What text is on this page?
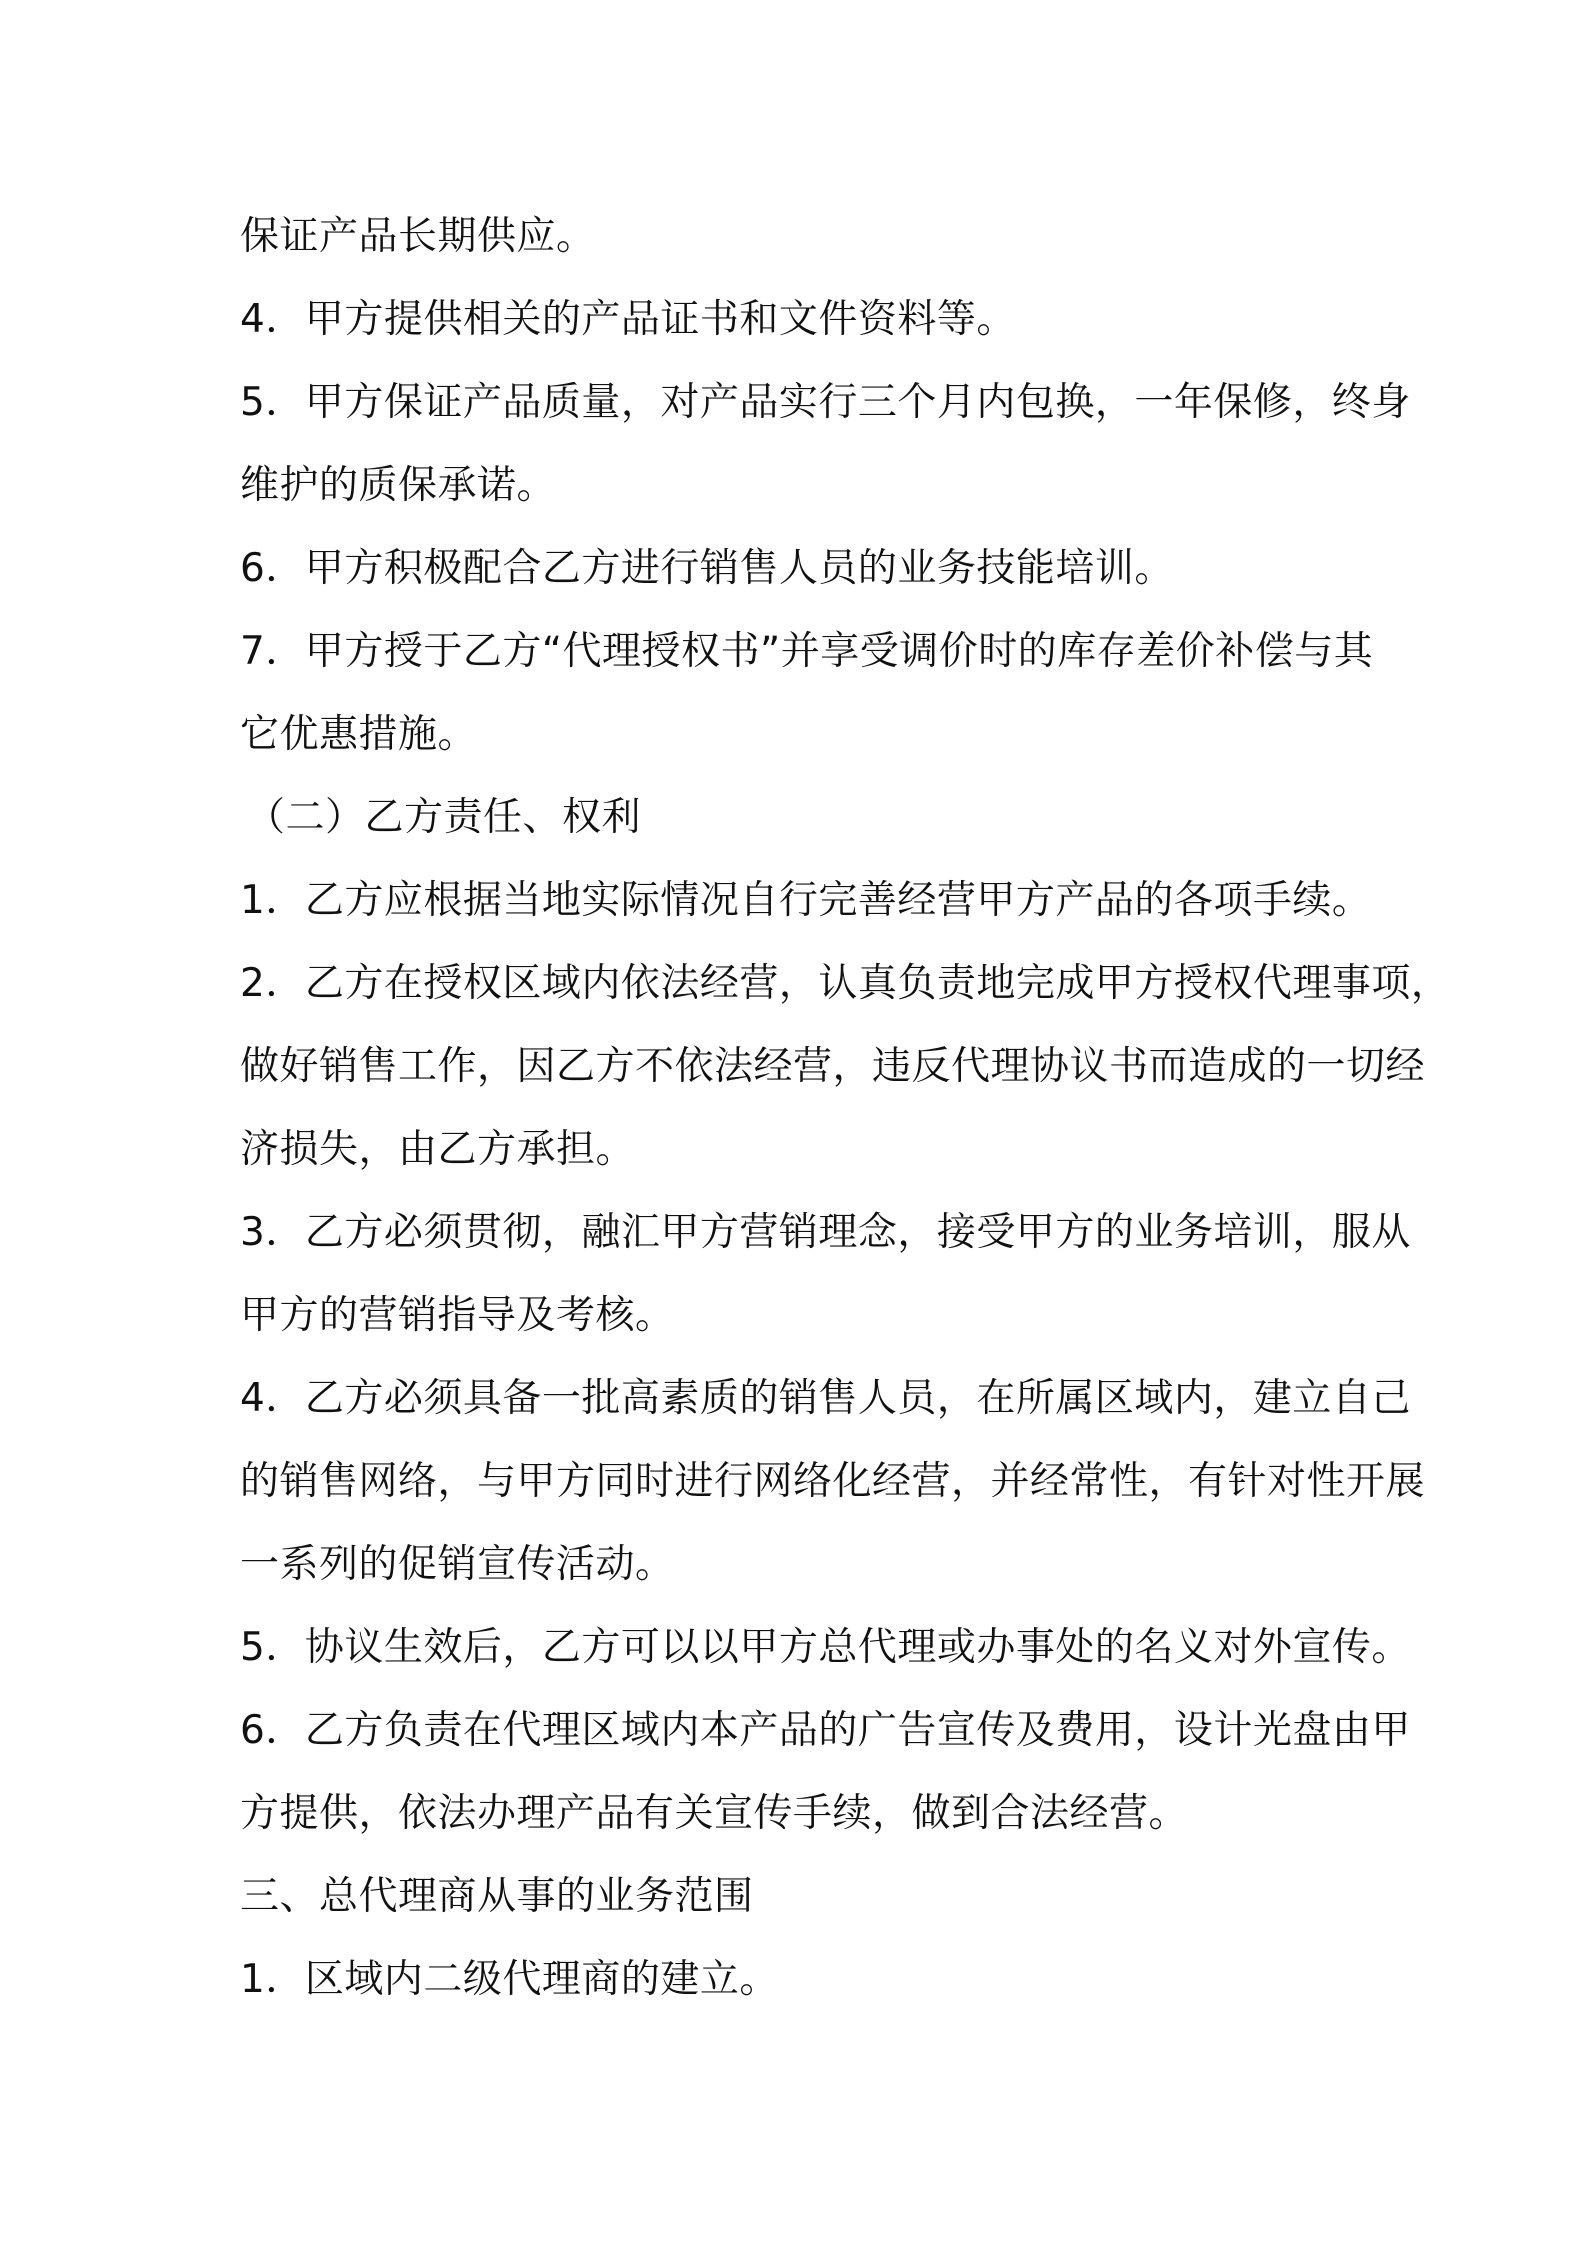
保证产品长期供应。
4．甲方提供相关的产品证书和文件资料等。
5．甲方保证产品质量，对产品实行三个月内包换，一年保修，终身
维护的质保承诺。
6．甲方积极配合乙方进行销售人员的业务技能培训。
7．甲方授于乙方“代理授权书”并享受调价时的库存差价补偿与其
它优惠措施。
（二）乙方责任、权利
1．乙方应根据当地实际情况自行完善经营甲方产品的各项手续。
2．乙方在授权区域内依法经营，认真负责地完成甲方授权代理事项，
做好销售工作，因乙方不依法经营，违反代理协议书而造成的一切经
济损失，由乙方承担。
3．乙方必须贯彻，融汇甲方营销理念，接受甲方的业务培训，服从
甲方的营销指导及考核。
4．乙方必须具备一批高素质的销售人员，在所属区域内，建立自己
的销售网络，与甲方同时进行网络化经营，并经常性，有针对性开展
一系列的促销宣传活动。
5．协议生效后，乙方可以以甲方总代理或办事处的名义对外宣传。
6．乙方负责在代理区域内本产品的广告宣传及费用，设计光盘由甲
方提供，依法办理产品有关宣传手续，做到合法经营。
三、总代理商从事的业务范围
1．区域内二级代理商的建立。
